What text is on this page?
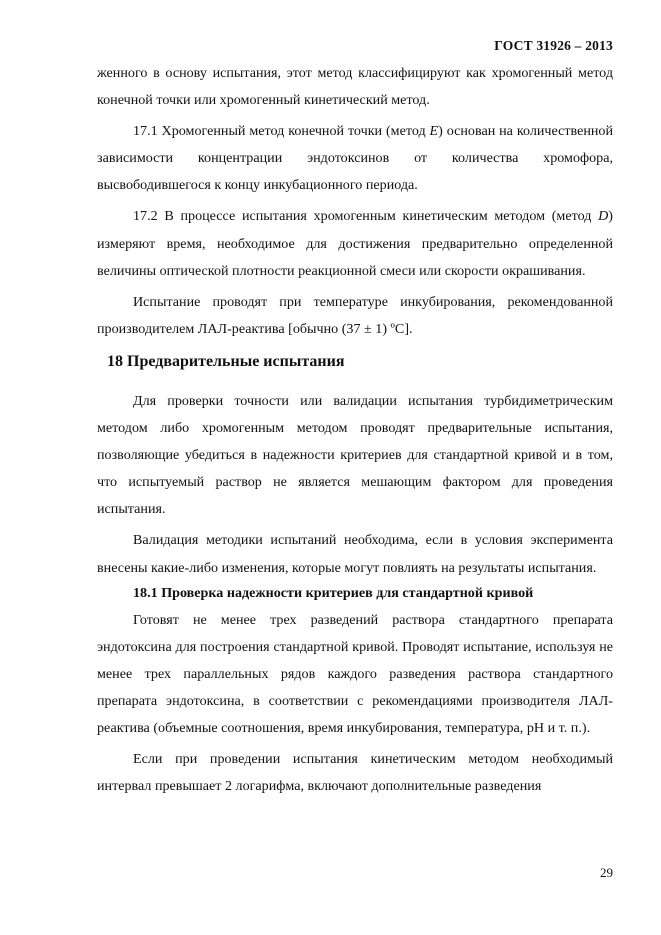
ГОСТ 31926 – 2013

женного в основу испытания, этот метод классифицируют как хромогенный метод конечной точки или хромогенный кинетический метод.

17.1 Хромогенный метод конечной точки (метод E) основан на количественной зависимости концентрации эндотоксинов от количества хромофора, высвободившегося к концу инкубационного периода.

17.2 В процессе испытания хромогенным кинетическим методом (метод D) измеряют время, необходимое для достижения предварительно определенной величины оптической плотности реакционной смеси или скорости окрашивания.

Испытание проводят при температуре инкубирования, рекомендованной производителем ЛАЛ-реактива [обычно (37 ± 1) ºС].

18 Предварительные испытания

Для проверки точности или валидации испытания турбидиметрическим методом либо хромогенным методом проводят предварительные испытания, позволяющие убедиться в надежности критериев для стандартной кривой и в том, что испытуемый раствор не является мешающим фактором для проведения испытания.

Валидация методики испытаний необходима, если в условия эксперимента внесены какие-либо изменения, которые могут повлиять на результаты испытания.

18.1 Проверка надежности критериев для стандартной кривой

Готовят не менее трех разведений раствора стандартного препарата эндотоксина для построения стандартной кривой. Проводят испытание, используя не менее трех параллельных рядов каждого разведения раствора стандартного препарата эндотоксина, в соответствии с рекомендациями производителя ЛАЛ-реактива (объемные соотношения, время инкубирования, температура, рН и т. п.).

Если при проведении испытания кинетическим методом необходимый интервал превышает 2 логарифма, включают дополнительные разведения

29
